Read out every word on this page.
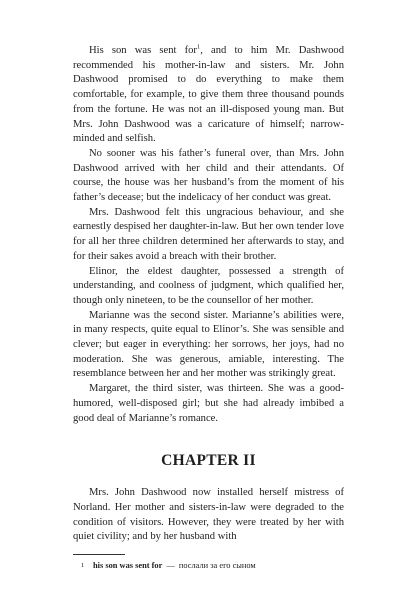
His son was sent for$^1$, and to him Mr. Dashwood recommended his mother-in-law and sisters. Mr. John Dashwood promised to do everything to make them comfortable, for example, to give them three thousand pounds from the fortune. He was not an ill-disposed young man. But Mrs. John Dashwood was a caricature of himself; narrow-minded and selfish.

No sooner was his father’s funeral over, than Mrs. John Dashwood arrived with her child and their attendants. Of course, the house was her husband’s from the moment of his father’s decease; but the indelicacy of her conduct was great.

Mrs. Dashwood felt this ungracious behaviour, and she earnestly despised her daughter-in-law. But her own tender love for all her three children determined her afterwards to stay, and for their sakes avoid a breach with their brother.

Elinor, the eldest daughter, possessed a strength of understanding, and coolness of judgment, which qualified her, though only nineteen, to be the counsellor of her mother.

Marianne was the second sister. Marianne’s abilities were, in many respects, quite equal to Elinor’s. She was sensible and clever; but eager in everything: her sorrows, her joys, had no moderation. She was generous, amiable, interesting. The resemblance between her and her mother was strikingly great.

Margaret, the third sister, was thirteen. She was a good-humored, well-disposed girl; but she had already imbibed a good deal of Marianne’s romance.

CHAPTER II

Mrs. John Dashwood now installed herself mistress of Norland. Her mother and sisters-in-law were degraded to the condition of visitors. However, they were treated by her with quiet civility; and by her husband with

1 his son was sent for — послали за его сыном
